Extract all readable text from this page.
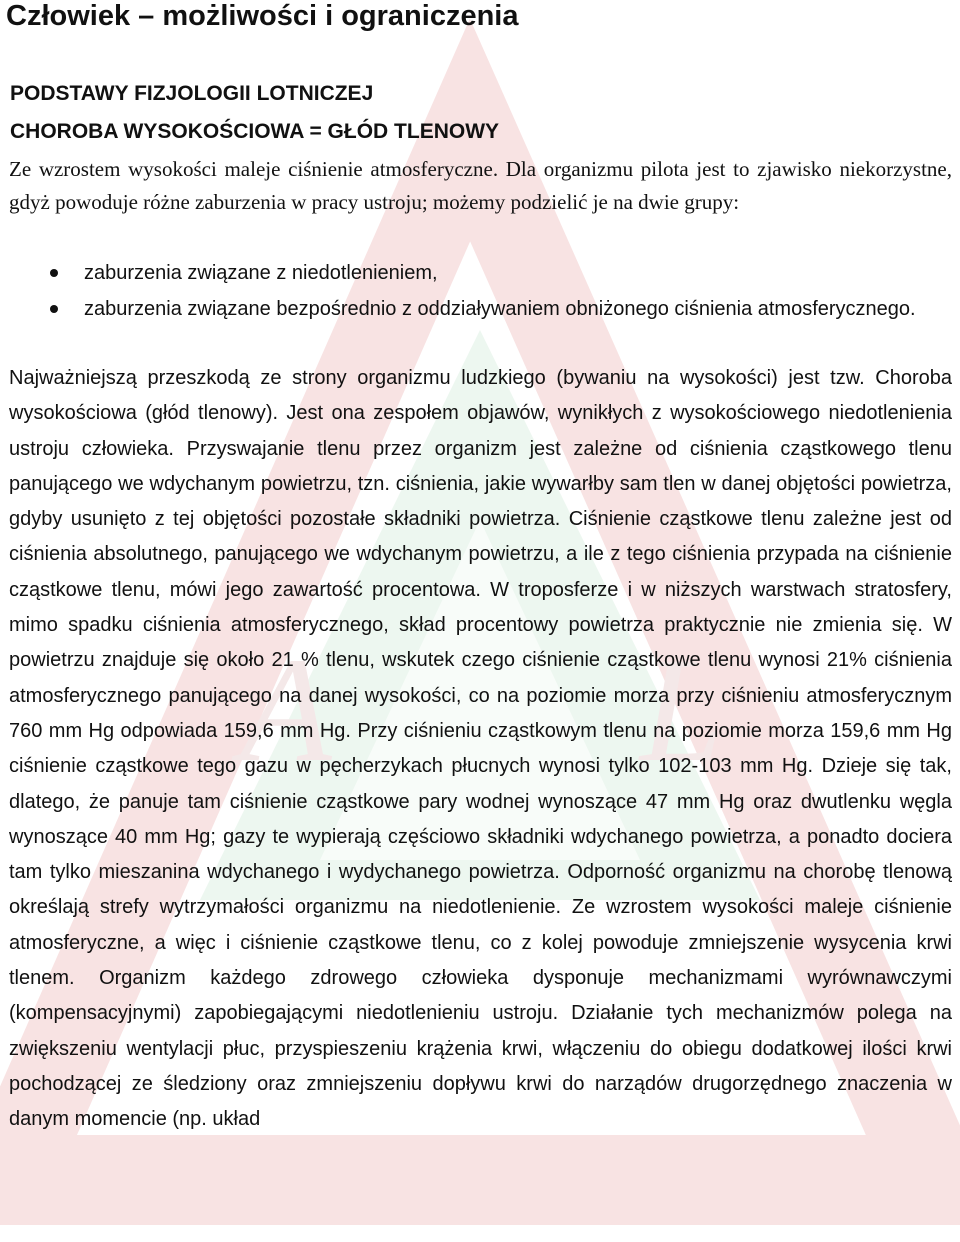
A L
Człowiek – możliwości i ograniczenia
PODSTAWY FIZJOLOGII LOTNICZEJ
CHOROBA WYSOKOŚCIOWA = GŁÓD TLENOWY

Ze wzrostem wysokości maleje ciśnienie atmosferyczne. Dla organizmu pilota jest to zjawisko niekorzystne, gdyż powoduje różne zaburzenia w pracy ustroju; możemy podzielić je na dwie grupy:

zaburzenia związane z niedotlenieniem,
zaburzenia związane bezpośrednio z oddziaływaniem obniżonego ciśnienia atmosferycznego.

Najważniejszą przeszkodą ze strony organizmu ludzkiego (bywaniu na wysokości) jest tzw. Choroba wysokościowa (głód tlenowy). Jest ona zespołem objawów, wynikłych z wysokościowego niedotlenienia ustroju człowieka. Przyswajanie tlenu przez organizm jest zależne od ciśnienia cząstkowego tlenu panującego we wdychanym powietrzu, tzn. ciśnienia, jakie wywarłby sam tlen w danej objętości powietrza, gdyby usunięto z tej objętości pozostałe składniki powietrza. Ciśnienie cząstkowe tlenu zależne jest od ciśnienia absolutnego, panującego we wdychanym powietrzu, a ile z tego ciśnienia przypada na ciśnienie cząstkowe tlenu, mówi jego zawartość procentowa. W troposferze i w niższych warstwach stratosfery, mimo spadku ciśnienia atmosferycznego, skład procentowy powietrza praktycznie nie zmienia się. W powietrzu znajduje się około 21 % tlenu, wskutek czego ciśnienie cząstkowe tlenu wynosi 21% ciśnienia atmosferycznego panującego na danej wysokości, co na poziomie morza przy ciśnieniu atmosferycznym 760 mm Hg odpowiada 159,6 mm Hg. Przy ciśnieniu cząstkowym tlenu na poziomie morza 159,6 mm Hg ciśnienie cząstkowe tego gazu w pęcherzykach płucnych wynosi tylko 102-103 mm Hg. Dzieje się tak, dlatego, że panuje tam ciśnienie cząstkowe pary wodnej wynoszące 47 mm Hg oraz dwutlenku węgla wynoszące 40 mm Hg; gazy te wypierają częściowo składniki wdychanego powietrza, a ponadto dociera tam tylko mieszanina wdychanego i wydychanego powietrza. Odporność organizmu na chorobę tlenową określają strefy wytrzymałości organizmu na niedotlenienie. Ze wzrostem wysokości maleje ciśnienie atmosferyczne, a więc i ciśnienie cząstkowe tlenu, co z kolej powoduje zmniejszenie wysycenia krwi tlenem. Organizm każdego zdrowego człowieka dysponuje mechanizmami wyrównawczymi (kompensacyjnymi) zapobiegającymi niedotlenieniu ustroju. Działanie tych mechanizmów polega na zwiększeniu wentylacji płuc, przyspieszeniu krążenia krwi, włączeniu do obiegu dodatkowej ilości krwi pochodzącej ze śledziony oraz zmniejszeniu dopływu krwi do narządów drugorzędnego znaczenia w danym momencie (np. układ
